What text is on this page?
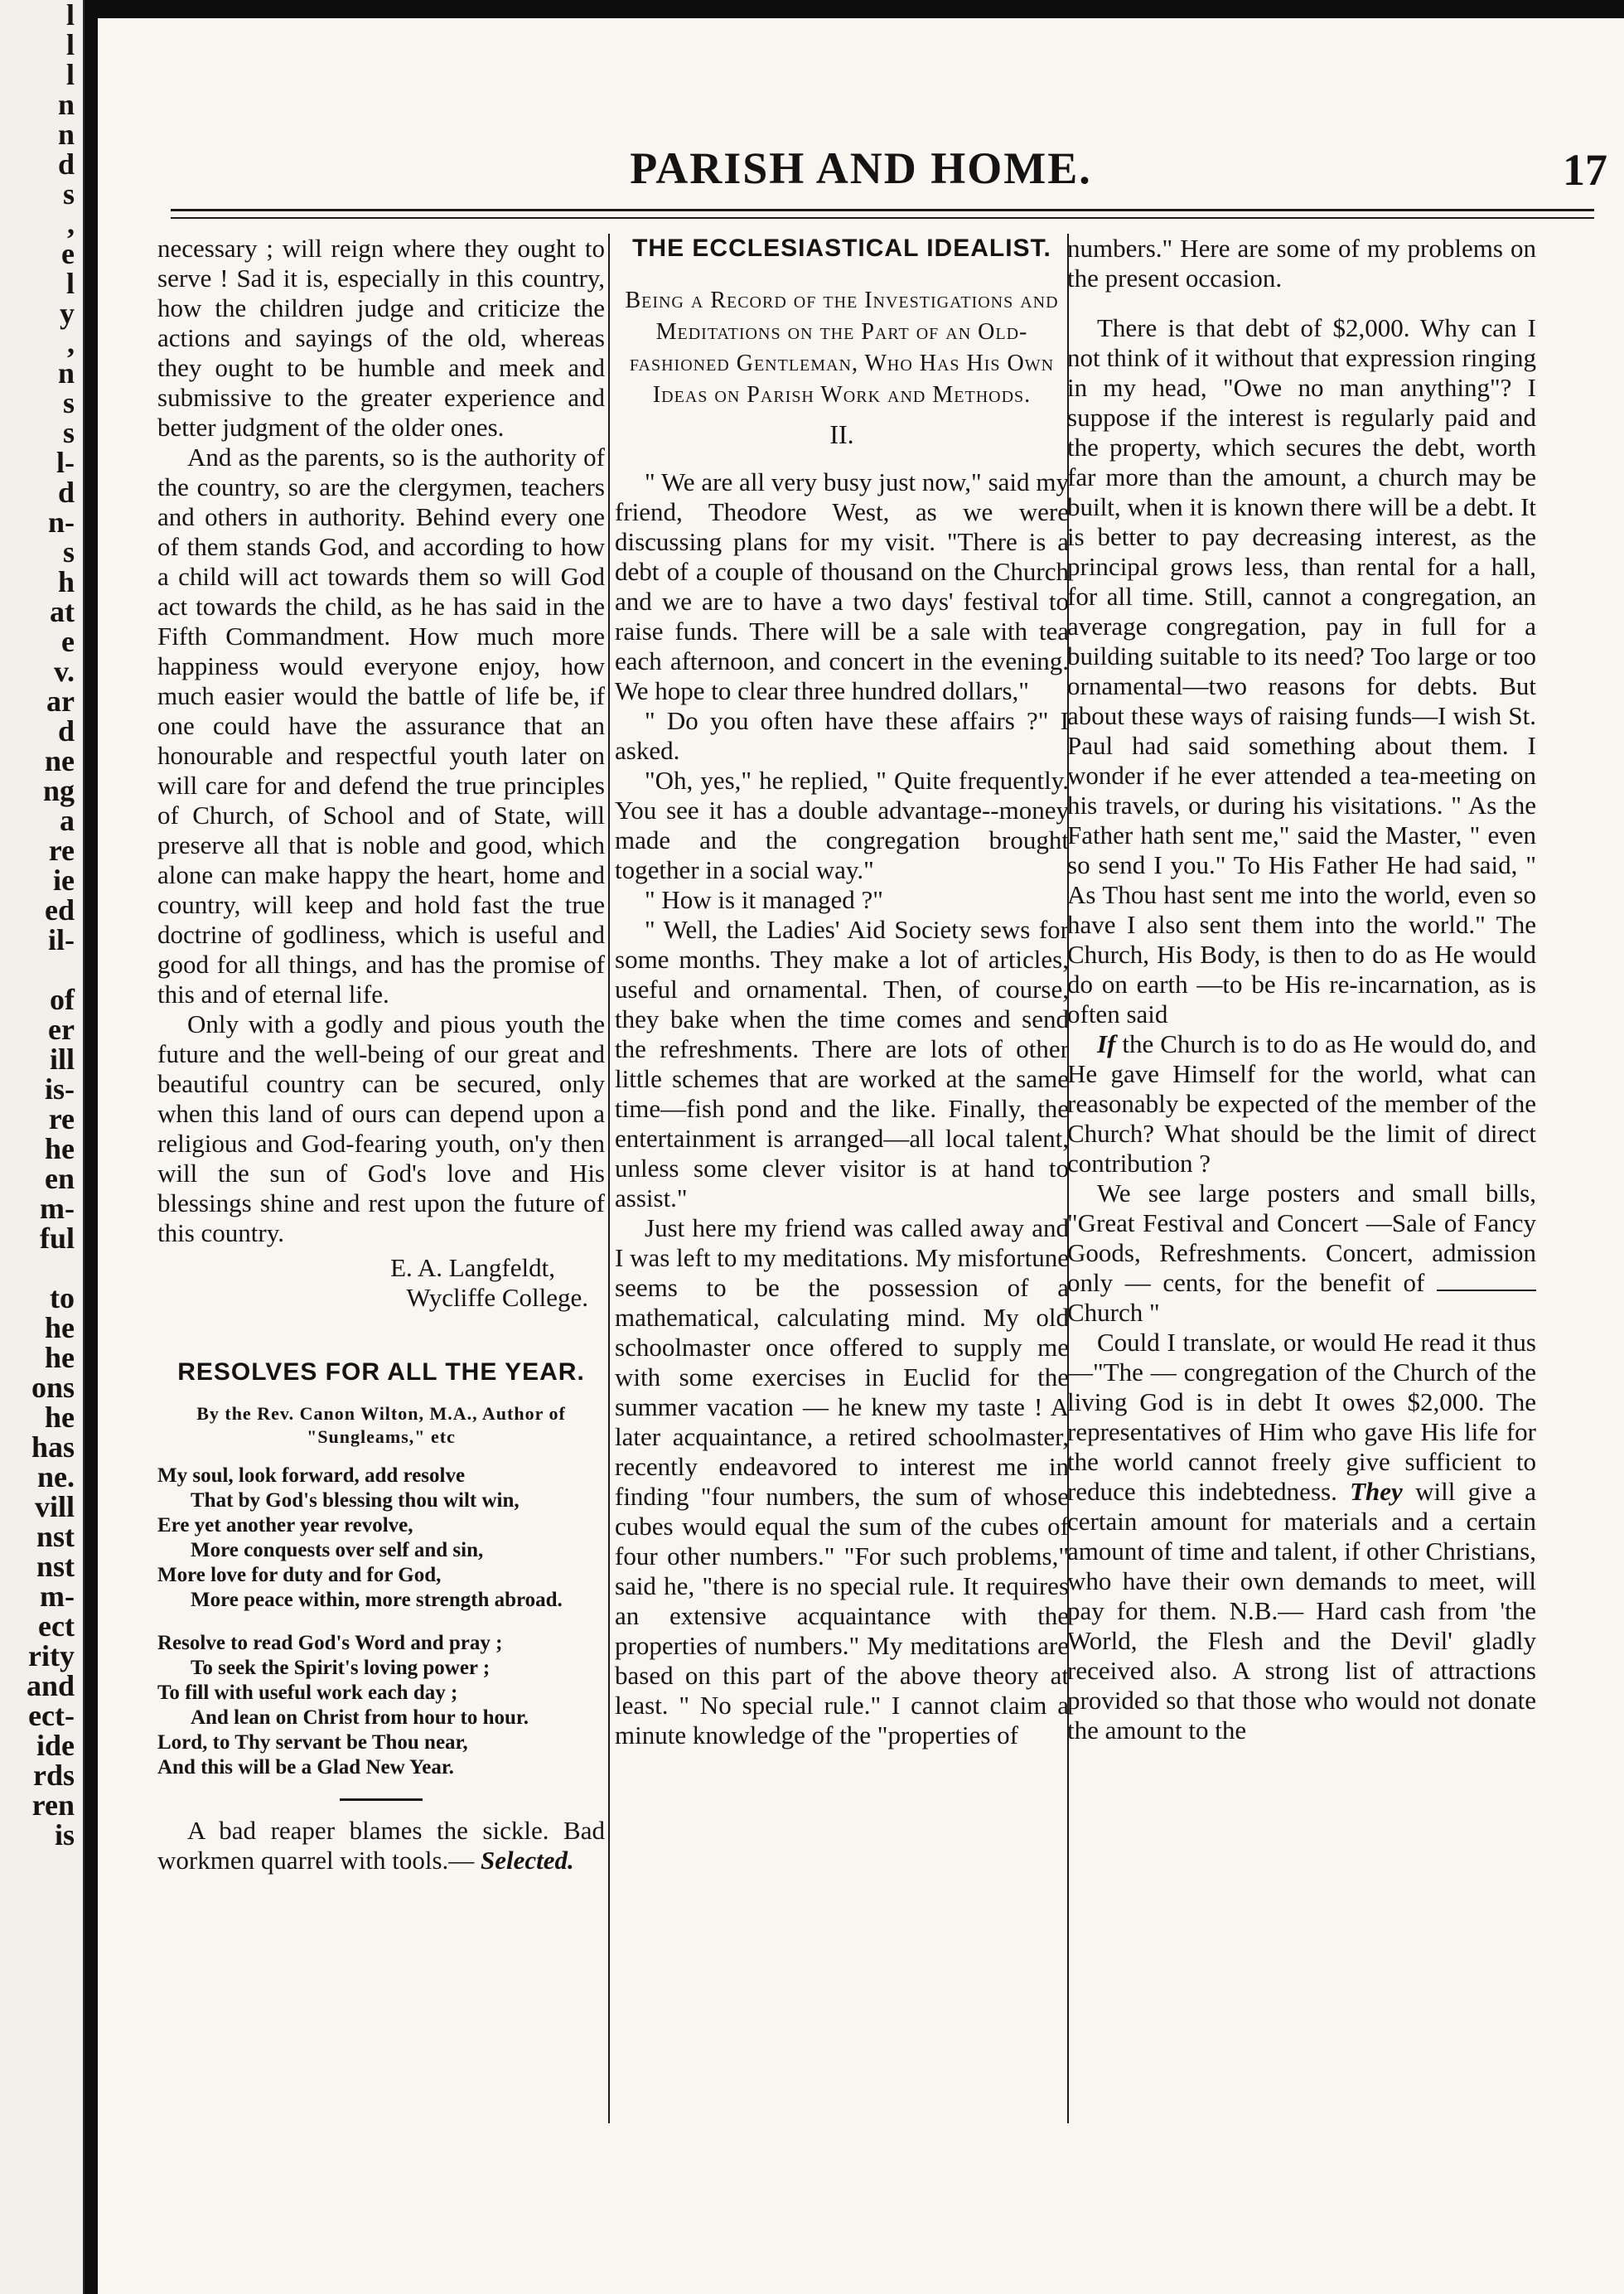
l
l
l
n
n
d
s
,
e
l
y
,
n
s
s
l-
d
n-
s
h
at
e
v.
ar
d
ne
ng
a
re
ie
ed
il-

of
er
ill
is-
re
he
en
m-
ful

to
he
he
ons
he
has
ne.
vill
nst
nst
m-
ect
rity
and
ect-
ide
rds
ren
is
PARISH AND HOME.	17

necessary ; will reign where they ought to serve ! Sad it is, especially in this country, how the children judge and criticize the actions and sayings of the old, whereas they ought to be humble and meek and submissive to the greater experience and better judgment of the older ones.

And as the parents, so is the authority of the country, so are the clergymen, teachers and others in authority. Behind every one of them stands God, and according to how a child will act towards them so will God act towards the child, as he has said in the Fifth Commandment. How much more happiness would everyone enjoy, how much easier would the battle of life be, if one could have the assurance that an honourable and respectful youth later on will care for and defend the true principles of Church, of School and of State, will preserve all that is noble and good, which alone can make happy the heart, home and country, will keep and hold fast the true doctrine of godliness, which is useful and good for all things, and has the promise of this and of eternal life.

Only with a godly and pious youth the future and the well-being of our great and beautiful country can be secured, only when this land of ours can depend upon a religious and God-fearing youth, on'y then will the sun of God's love and His blessings shine and rest upon the future of this country.

E. A. Langfeldt,

Wycliffe College.

RESOLVES FOR ALL THE YEAR.
By the Rev. Canon Wilton, M.A., Author of "Sungleams," etc

My soul, look forward, add resolve

That by God's blessing thou wilt win,

Ere yet another year revolve,

More conquests over self and sin,

More love for duty and for God,

More peace within, more strength abroad.

Resolve to read God's Word and pray ;

To seek the Spirit's loving power ;

To fill with useful work each day ;

And lean on Christ from hour to hour.

Lord, to Thy servant be Thou near,

And this will be a Glad New Year.

A bad reaper blames the sickle. Bad workmen quarrel with tools.— Selected.

THE ECCLESIASTICAL IDEALIST.
Being a Record of the Investigations and Meditations on the Part of an Old-fashioned Gentleman, Who Has His Own Ideas on Parish Work and Methods.
II.

" We are all very busy just now," said my friend, Theodore West, as we were discussing plans for my visit. "There is a debt of a couple of thousand on the Church and we are to have a two days' festival to raise funds. There will be a sale with tea each afternoon, and concert in the evening. We hope to clear three hundred dollars,"

" Do you often have these affairs ?" I asked.

"Oh, yes," he replied, " Quite frequently. You see it has a double advantage--money made and the congregation brought together in a social way."

" How is it managed ?"

" Well, the Ladies' Aid Society sews for some months. They make a lot of articles, useful and ornamental. Then, of course, they bake when the time comes and send the refreshments. There are lots of other little schemes that are worked at the same time—fish pond and the like. Finally, the entertainment is arranged—all local talent, unless some clever visitor is at hand to assist."

Just here my friend was called away and I was left to my meditations. My misfortune seems to be the possession of a mathematical, calculating mind. My old schoolmaster once offered to supply me with some exercises in Euclid for the summer vacation — he knew my taste ! A later acquaintance, a retired schoolmaster, recently endeavored to interest me in finding "four numbers, the sum of whose cubes would equal the sum of the cubes of four other numbers." "For such problems," said he, "there is no special rule. It requires an extensive acquaintance with the properties of numbers." My meditations are based on this part of the above theory at least. " No special rule." I cannot claim a minute knowledge of the "properties of

numbers." Here are some of my problems on the present occasion.

There is that debt of $2,000. Why can I not think of it without that expression ringing in my head, "Owe no man anything"? I suppose if the interest is regularly paid and the property, which secures the debt, worth far more than the amount, a church may be built, when it is known there will be a debt. It is better to pay decreasing interest, as the principal grows less, than rental for a hall, for all time. Still, cannot a congregation, an average congregation, pay in full for a building suitable to its need? Too large or too ornamental—two reasons for debts. But about these ways of raising funds—I wish St. Paul had said something about them. I wonder if he ever attended a tea-meeting on his travels, or during his visitations. " As the Father hath sent me," said the Master, " even so send I you." To His Father He had said, " As Thou hast sent me into the world, even so have I also sent them into the world." The Church, His Body, is then to do as He would do on earth —to be His re-incarnation, as is often said

If the Church is to do as He would do, and He gave Himself for the world, what can reasonably be expected of the member of the Church? What should be the limit of direct contribution ?

We see large posters and small bills, "Great Festival and Concert —Sale of Fancy Goods, Refreshments. Concert, admission only — cents, for the benefit of  Church "

Could I translate, or would He read it thus—"The — congregation of the Church of the living God is in debt It owes $2,000. The representatives of Him who gave His life for the world cannot freely give sufficient to reduce this indebtedness. They will give a certain amount for materials and a certain amount of time and talent, if other Christians, who have their own demands to meet, will pay for them. N.B.— Hard cash from 'the World, the Flesh and the Devil' gladly received also. A strong list of attractions provided so that those who would not donate the amount to the
